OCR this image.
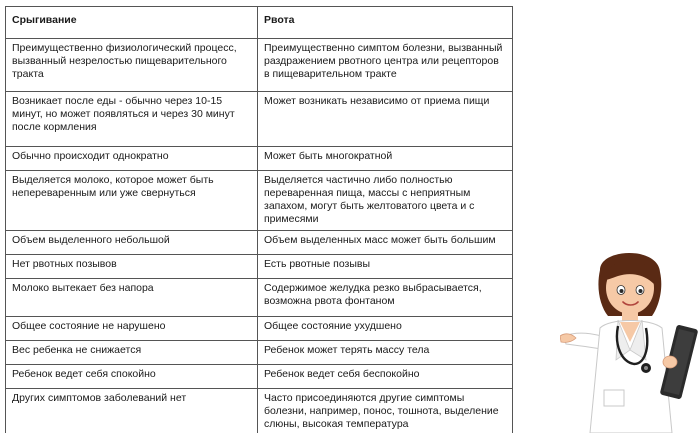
Срыгивание	Рвота
Преимущественно физиологический процесс, вызванный незрелостью пищеварительного тракта	Преимущественно симптом болезни, вызванный раздражением рвотного центра или рецепторов в пищеварительном тракте
Возникает после еды - обычно через 10-15 минут, но может появляться и через 30 минут после кормления	Может возникать независимо от приема пищи
Обычно происходит однократно	Может быть многократной
Выделяется молоко, которое может быть непереваренным или уже свернуться	Выделяется частично либо полностью переваренная пища, массы с неприятным запахом, могут быть желтоватого цвета и с примесями
Объем выделенного небольшой	Объем выделенных масс может быть большим
Нет рвотных позывов	Есть рвотные позывы
Молоко вытекает без напора	Содержимое желудка резко выбрасывается, возможна рвота фонтаном
Общее состояние не нарушено	Общее состояние ухудшено
Вес ребенка не снижается	Ребенок может терять массу тела
Ребенок ведет себя спокойно	Ребенок ведет себя беспокойно
Других симптомов заболеваний нет	Часто присоединяются другие симптомы болезни, например, понос, тошнота, выделение слюны, высокая температура
